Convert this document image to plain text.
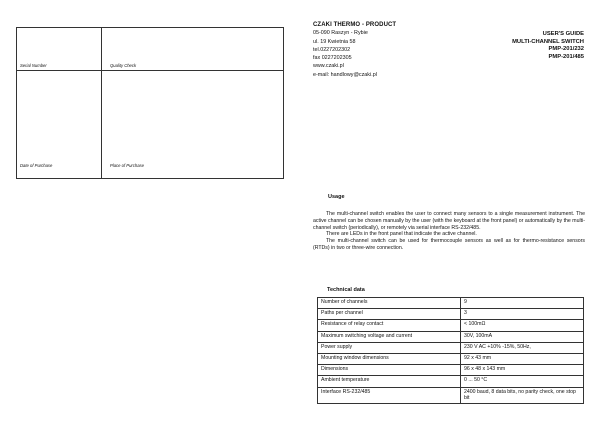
Serial Number	Quality Check
Date of Purchase	Place of Purchase
CZAKI THERMO - PRODUCT
05-090 Raszyn - Rybie
ul. 19 Kwietnia 58
tel.0227202302
fax 0227202305
www.czaki.pl
e-mail: handlowy@czaki.pl
USER'S GUIDE
MULTI-CHANNEL SWITCH
PMP-201/232
PMP-201/485
Usage

The multi-channel switch enables the user to connect many sensors to a single measurement instrument. The active channel can be chosen manually by the user (with the keyboard at the front panel) or automatically by the multi-channel switch (periodically), or remotely via serial interface RS-232/485.

There are LEDs in the front panel that indicate the active channel.

The multi-channel switch can be used for thermocouple sensors as well as for thermo-resistance sensors (RTDs) in two or three-wire connection.

Technical data
Number of channels	9
Paths per channel	3
Resistance of relay contact	< 100mΩ
Maximum switching voltage and current	30V, 100mA
Power supply	230 V AC +10% -15%, 50Hz,
Mounting window dimensions	92 x 43 mm
Dimensions	96 x 48 x 143 mm
Ambient temperature	0 ... 50 °C
Interface RS-232/485	2400 baud, 8 data bits, no parity check, one stop bit
